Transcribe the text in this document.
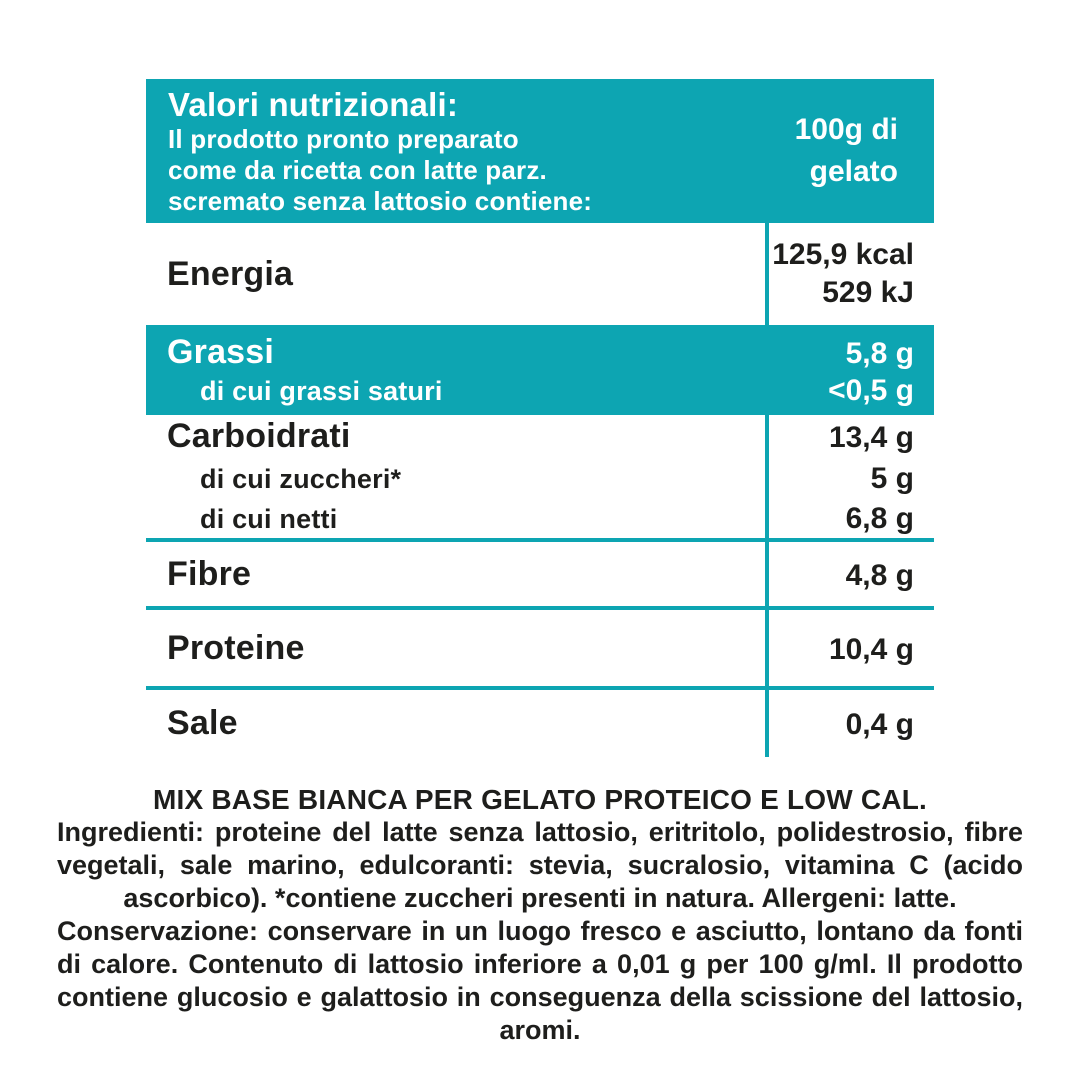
Valori nutrizionali:
Il prodotto pronto preparato
come da ricetta con latte parz.
scremato senza lattosio contiene:
100g di
gelato
Energia	125,9 kcal
529 kJ
Grassi	5,8 g
di cui grassi saturi	<0,5 g
Carboidrati	13,4 g
di cui zuccheri*	5 g
di cui netti	6,8 g
Fibre	4,8 g
Proteine	10,4 g
Sale	0,4 g
MIX BASE BIANCA PER GELATO PROTEICO E LOW CAL.
Ingredienti: proteine del latte senza lattosio, eritritolo, polidestrosio, fibre vegetali, sale marino, edulcoranti: stevia, sucralosio, vitamina C (acido ascorbico). *contiene zuccheri presenti in natura. Allergeni: latte.
Conservazione: conservare in un luogo fresco e asciutto, lontano da fonti di calore. Contenuto di lattosio inferiore a 0,01 g per 100 g/ml. Il prodotto contiene glucosio e galattosio in conseguenza della scissione del lattosio, aromi.
